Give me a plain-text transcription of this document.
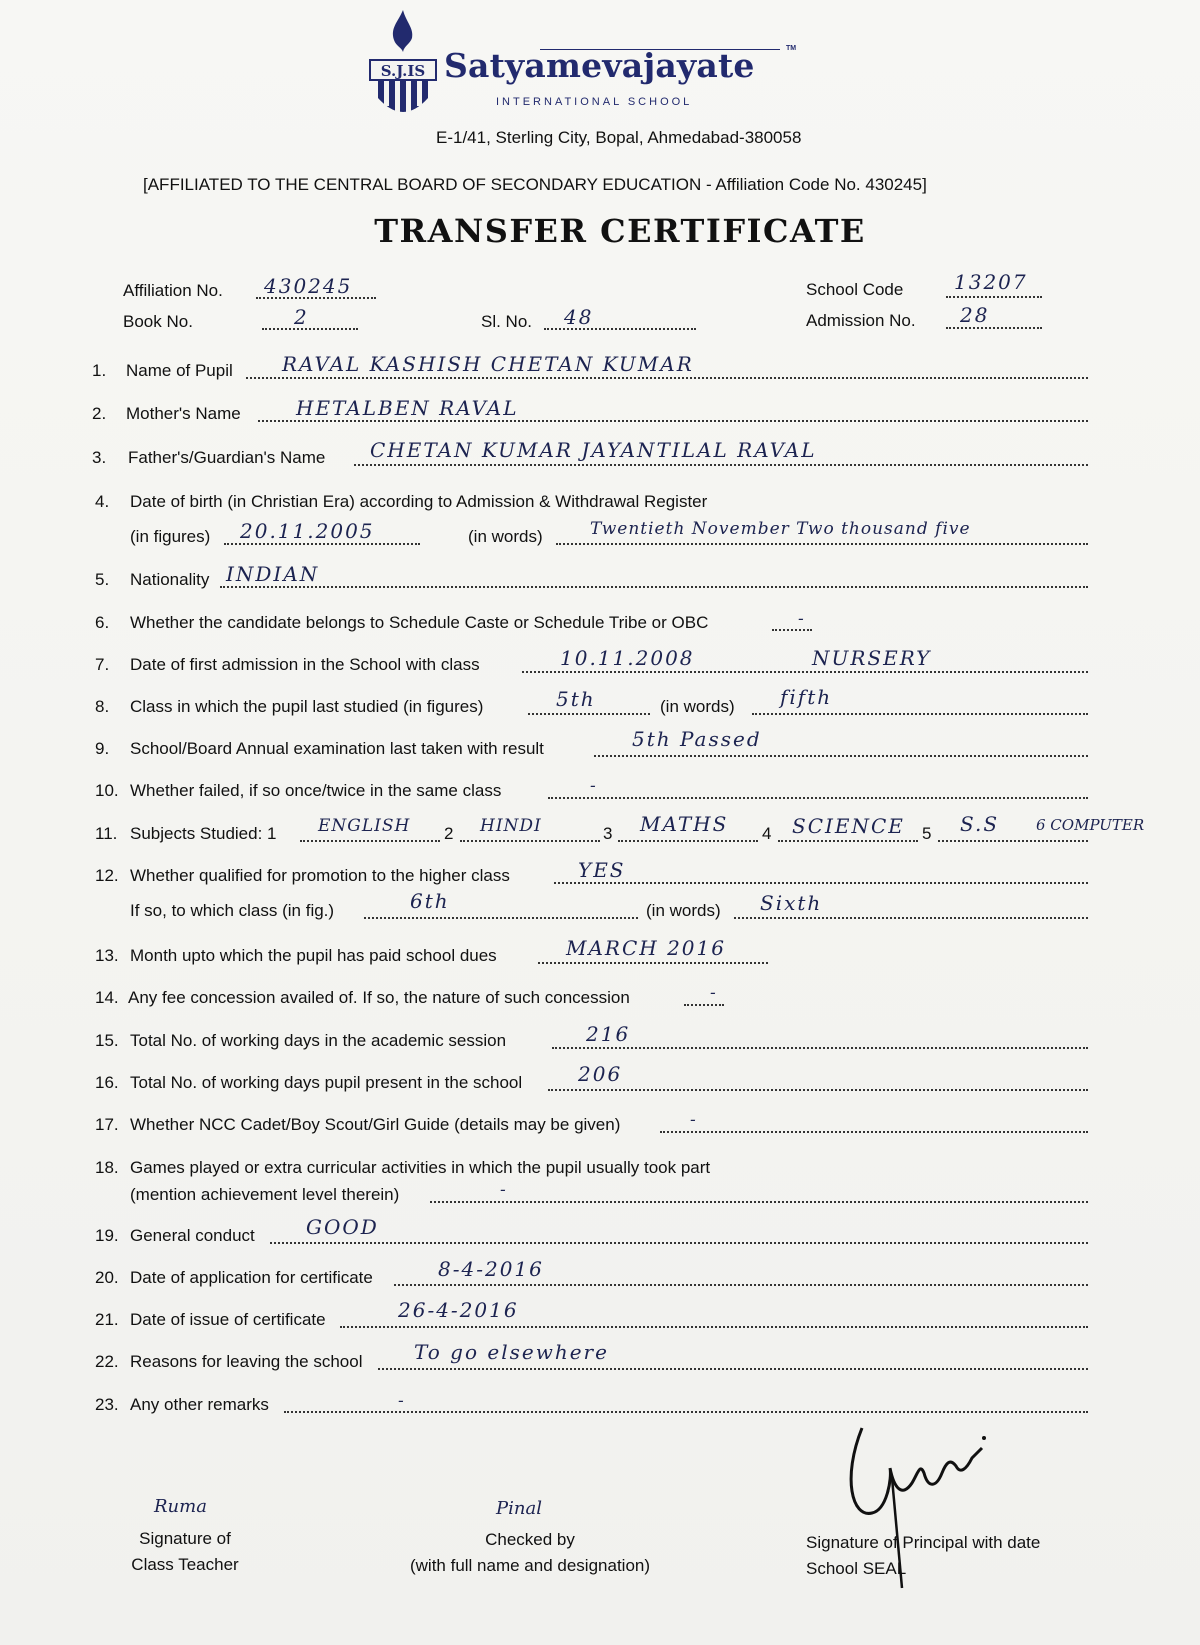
S.J.IS Satyamevajayate	TM
INTERNATIONAL SCHOOL
E-1/41, Sterling City, Bopal, Ahmedabad-380058
[AFFILIATED TO THE CENTRAL BOARD OF SECONDARY EDUCATION - Affiliation Code No. 430245]
TRANSFER CERTIFICATE
Affiliation No. 430245
Book No.	2	Sl. No. 48
School Code	13207
Admission No. 28
1. Name of Pupil RAVAL KASHISH CHETAN KUMAR
2. Mother's Name	HETALBEN RAVAL
3. Father's/Guardian's Name CHETAN KUMAR JAYANTILAL RAVAL
4. Date of birth (in Christian Era) according to Admission & Withdrawal Register
(in figures) 20.11.2005	(in words)	Twentieth November Two thousand five
5. Nationality INDIAN
6. Whether the candidate belongs to Schedule Caste or Schedule Tribe or OBC	-
7. Date of first admission in the School with class	10.11.2008	NURSERY
8. Class in which the pupil last studied (in figures)	5th	(in words) fifth
9. School/Board Annual examination last taken with result	5th Passed
10. Whether failed, if so once/twice in the same class	-
11. Subjects Studied: 1 ENGLISH 2 HINDI	3 MATHS 4 SCIENCE 5 S.S 6 COMPUTER
12. Whether qualified for promotion to the higher class	YES
If so, to which class (in fig.)	6th	(in words) Sixth
13. Month upto which the pupil has paid school dues	MARCH 2016
14. Any fee concession availed of. If so, the nature of such concession	-
15. Total No. of working days in the academic session	216
16. Total No. of working days pupil present in the school	206
17. Whether NCC Cadet/Boy Scout/Girl Guide (details may be given)	-
18. Games played or extra curricular activities in which the pupil usually took part
(mention achievement level therein)	-
19. General conduct	GOOD
20. Date of application for certificate	8-4-2016
21. Date of issue of certificate	26-4-2016
22. Reasons for leaving the school	To go elsewhere
23. Any other remarks	-
Ruma
Signature of
Class Teacher
Pinal
Checked by
(with full name and designation)
Signature of Principal with date
School SEAL
